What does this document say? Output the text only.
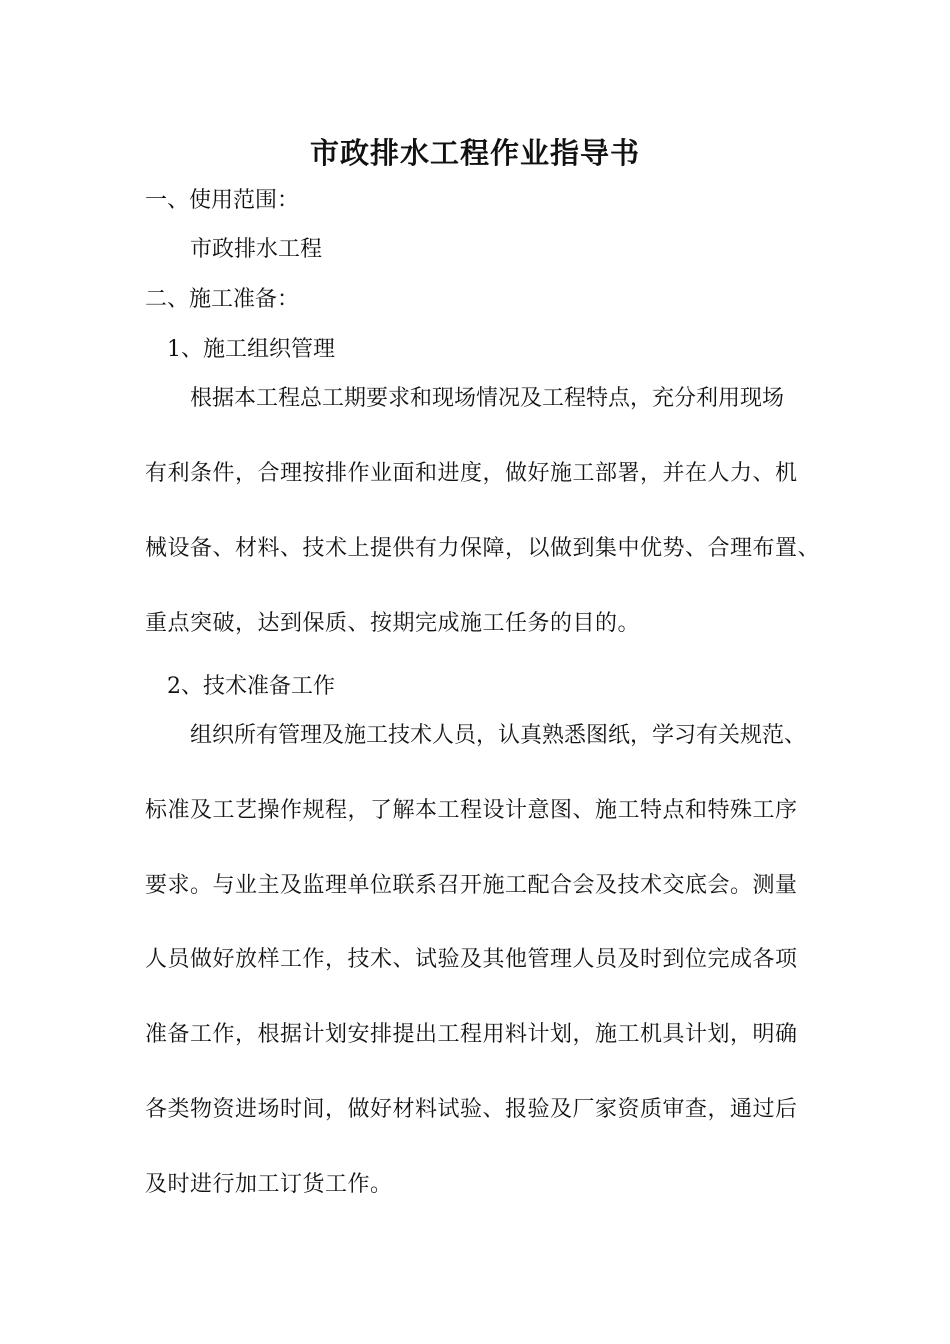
市政排水工程作业指导书
一、使用范围：
市政排水工程
二、施工准备：
1、施工组织管理
根据本工程总工期要求和现场情况及工程特点，充分利用现场
有利条件，合理按排作业面和进度，做好施工部署，并在人力、机
械设备、材料、技术上提供有力保障，以做到集中优势、合理布置、
重点突破，达到保质、按期完成施工任务的目的。
2、技术准备工作
组织所有管理及施工技术人员，认真熟悉图纸，学习有关规范、
标准及工艺操作规程，了解本工程设计意图、施工特点和特殊工序
要求。与业主及监理单位联系召开施工配合会及技术交底会。测量
人员做好放样工作，技术、试验及其他管理人员及时到位完成各项
准备工作，根据计划安排提出工程用料计划，施工机具计划，明确
各类物资进场时间，做好材料试验、报验及厂家资质审查，通过后
及时进行加工订货工作。
